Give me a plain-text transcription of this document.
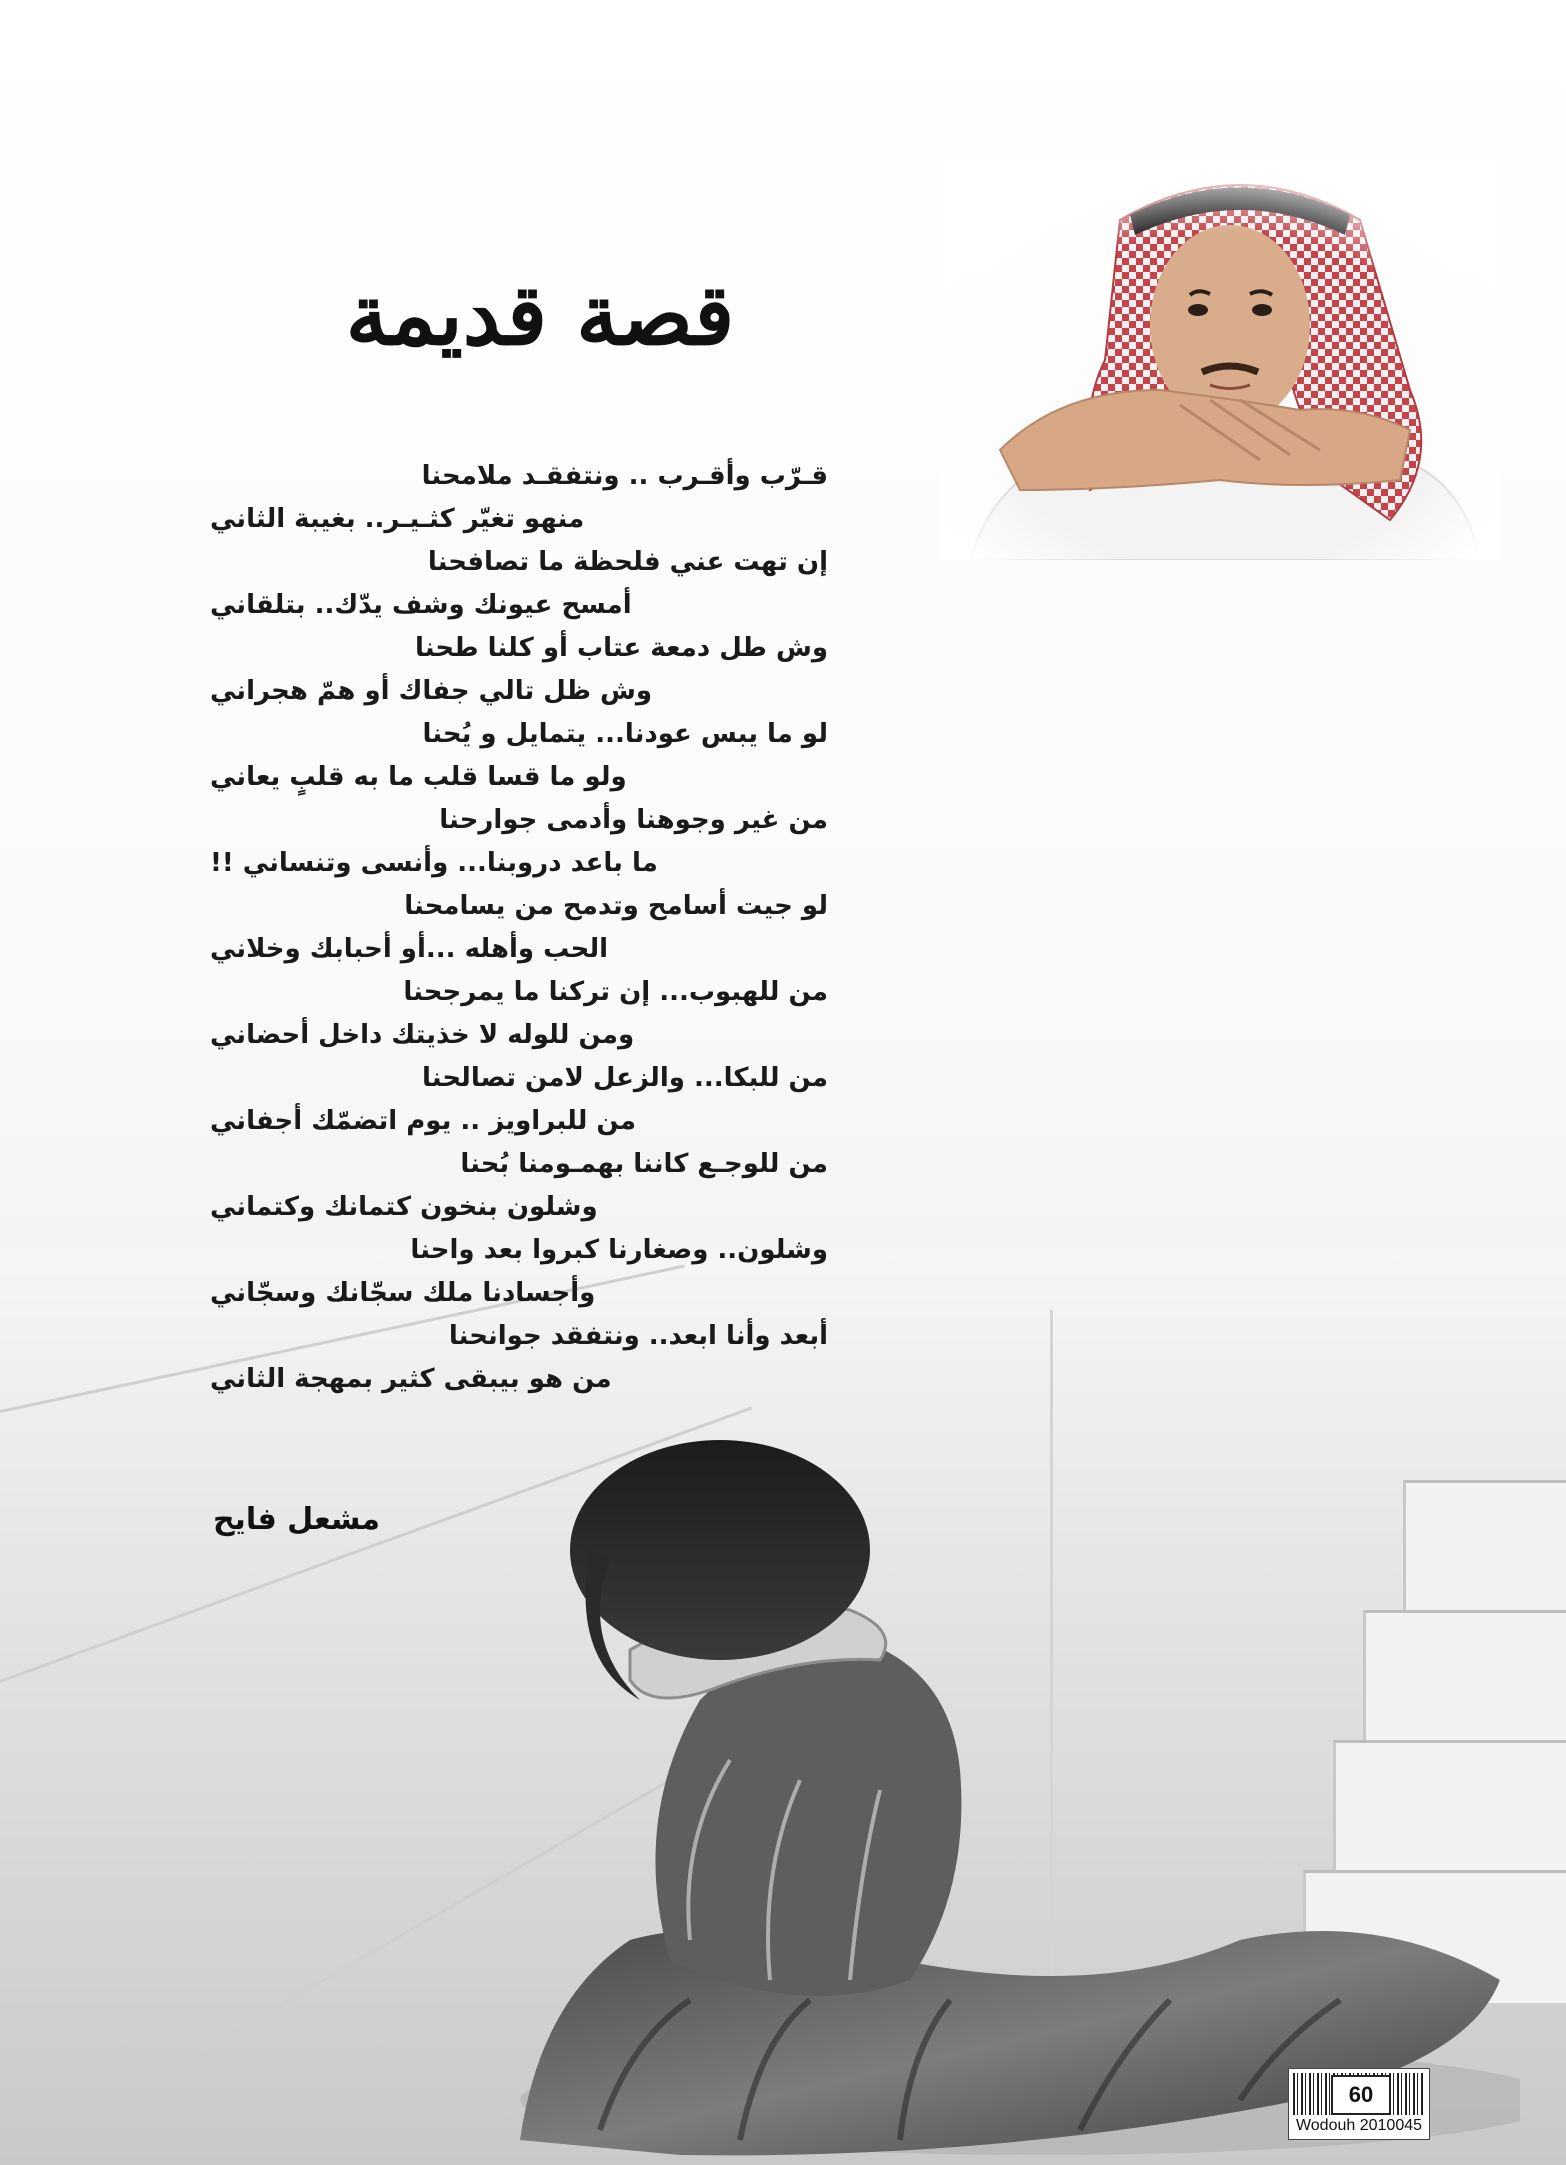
قصة قديمة
قـرّب وأقـرب .. ونتفقـد ملامحنا
منهو تغيّر كثـيـر.. بغيبة الثاني
إن تهت عني فلحظة ما تصافحنا
أمسح عيونك وشف يدّك.. بتلقاني
وش طل دمعة عتاب أو كلنا طحنا
وش ظل تالي جفاك أو همّ هجراني
لو ما يبس عودنا... يتمايل و يُحنا
ولو ما قسا قلب ما به قلبٍ يعاني
من غير وجوهنا وأدمى جوارحنا
ما باعد دروبنا... وأنسى وتنساني !!
لو جيت أسامح وتدمح من يسامحنا
الحب وأهله ...أو أحبابك وخلاني
من للهبوب... إن تركنا ما يمرجحنا
ومن للوله لا خذيتك داخل أحضاني
من للبكا... والزعل لامن تصالحنا
من للبراويز .. يوم اتضمّك أجفاني
من للوجـع كاننا بهمـومنا بُحنا
وشلون بنخون كتمانك وكتماني
وشلون.. وصغارنا كبروا بعد واحنا
وأجسادنا ملك سجّانك وسجّاني
أبعد وأنا ابعد.. ونتفقد جوانحنا
من هو بيبقى كثير بمهجة الثاني
مشعل فايح
60
Wodouh 2010045
